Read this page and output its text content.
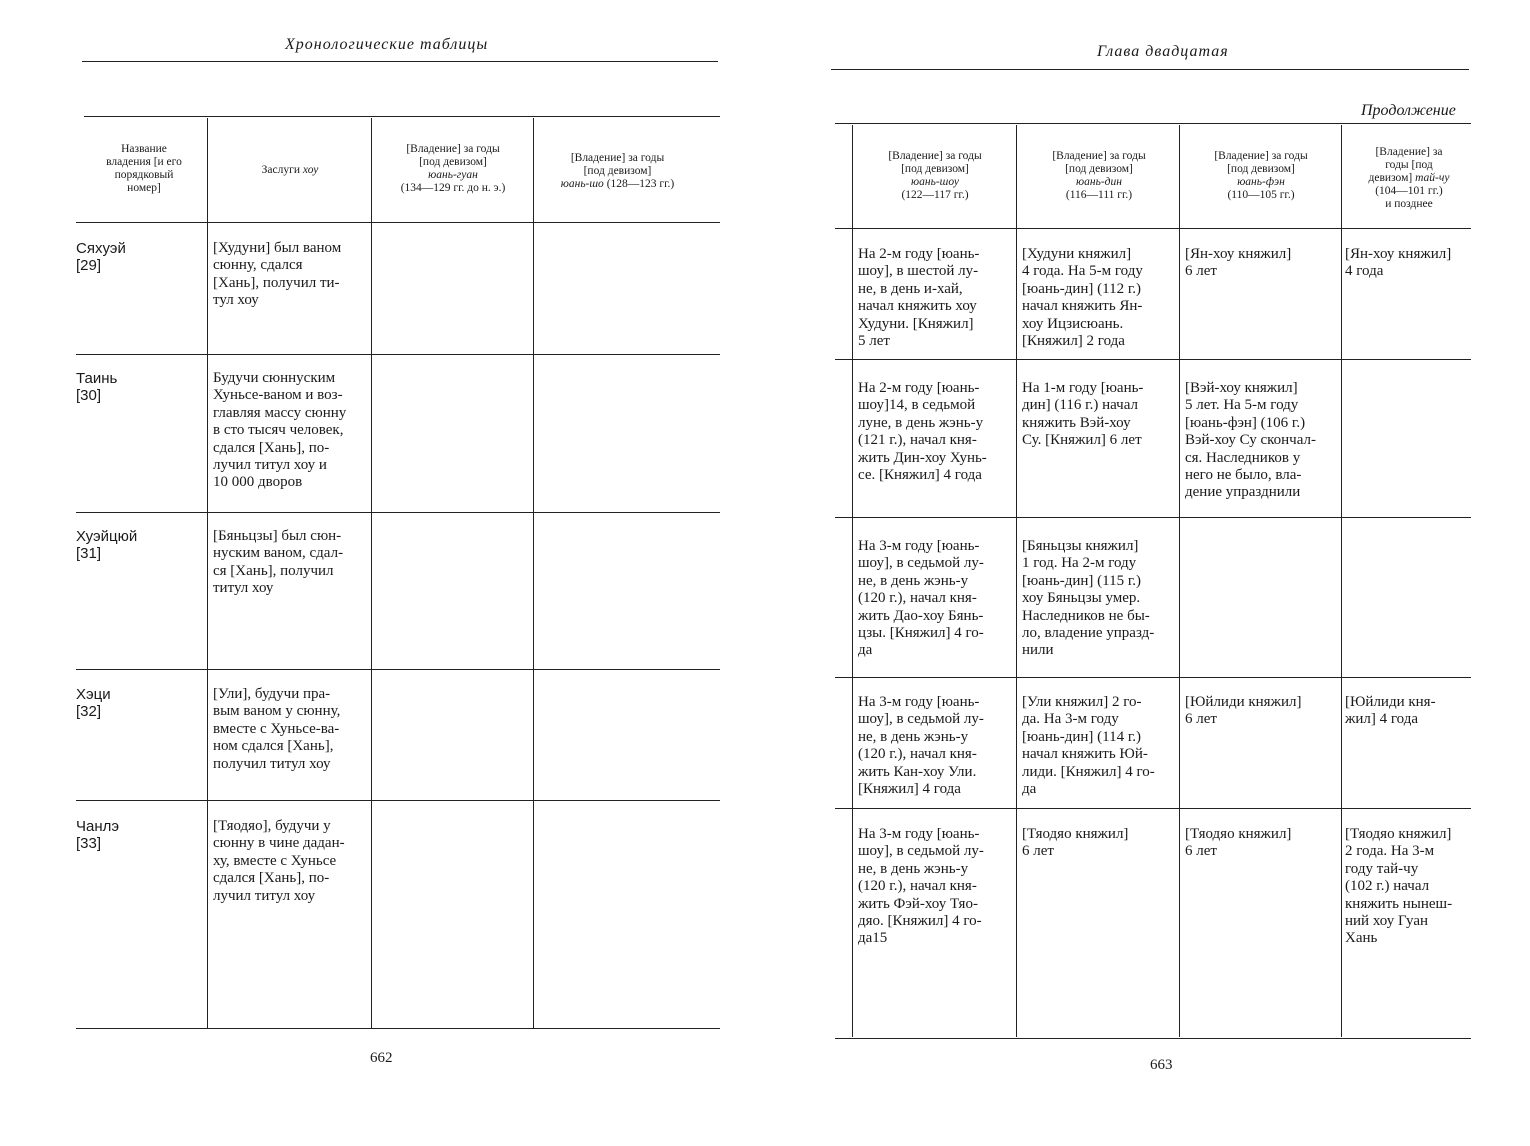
Хронологические таблицы
Название
владения [и его
порядковый
номер]
Заслуги хоу
[Владение] за годы
[под девизом]
юань-гуан
(134—129 гг. до н. э.)
[Владение] за годы
[под девизом]
юань-шо (128—123 гг.)
Сяхуэй
[29]
Таинь
[30]
Хуэйцюй
[31]
Хэци
[32]
Чанлэ
[33]
[Худуни] был ваном
сюнну, сдался
[Хань], получил ти-
тул хоу
Будучи сюннуским
Хуньсе-ваном и воз-
главляя массу сюнну
в сто тысяч человек,
сдался [Хань], по-
лучил титул хоу и
10 000 дворов
[Бяньцзы] был сюн-
нуским ваном, сдал-
ся [Хань], получил
титул хоу
[Ули], будучи пра-
вым ваном у сюнну,
вместе с Хуньсе-ва-
ном сдался [Хань],
получил титул хоу
[Тяодяо], будучи у
сюнну в чине дадан-
ху, вместе с Хуньсе
сдался [Хань], по-
лучил титул хоу
662
Глава двадцатая
Продолжение
[Владение] за годы
[под девизом]
юань-шоу
(122—117 гг.)
[Владение] за годы
[под девизом]
юань-дин
(116—111 гг.)
[Владение] за годы
[под девизом]
юань-фэн
(110—105 гг.)
[Владение] за
годы [под
девизом] тай-чу
(104—101 гг.)
и позднее
На 2-м году [юань-
шоу], в шестой лу-
не, в день и-хай,
начал княжить хоу
Худуни. [Княжил]
5 лет
[Худуни княжил]
4 года. На 5-м году
[юань-дин] (112 г.)
начал княжить Ян-
хоу Ицзисюань.
[Княжил] 2 года
[Ян-хоу княжил]
6 лет
[Ян-хоу княжил]
4 года
На 2-м году [юань-
шоу]14, в седьмой
луне, в день жэнь-у
(121 г.), начал кня-
жить Дин-хоу Хунь-
се. [Княжил] 4 года
На 1-м году [юань-
дин] (116 г.) начал
княжить Вэй-хоу
Су. [Княжил] 6 лет
[Вэй-хоу княжил]
5 лет. На 5-м году
[юань-фэн] (106 г.)
Вэй-хоу Су скончал-
ся. Наследников у
него не было, вла-
дение упразднили
На 3-м году [юань-
шоу], в седьмой лу-
не, в день жэнь-у
(120 г.), начал кня-
жить Дао-хоу Бянь-
цзы. [Княжил] 4 го-
да
[Бяньцзы княжил]
1 год. На 2-м году
[юань-дин] (115 г.)
хоу Бяньцзы умер.
Наследников не бы-
ло, владение упразд-
нили
На 3-м году [юань-
шоу], в седьмой лу-
не, в день жэнь-у
(120 г.), начал кня-
жить Кан-хоу Ули.
[Княжил] 4 года
[Ули княжил] 2 го-
да. На 3-м году
[юань-дин] (114 г.)
начал княжить Юй-
лиди. [Княжил] 4 го-
да
[Юйлиди княжил]
6 лет
[Юйлиди кня-
жил] 4 года
На 3-м году [юань-
шоу], в седьмой лу-
не, в день жэнь-у
(120 г.), начал кня-
жить Фэй-хоу Тяо-
дяо. [Княжил] 4 го-
да15
[Тяодяо княжил]
6 лет
[Тяодяо княжил]
6 лет
[Тяодяо княжил]
2 года. На 3-м
году тай-чу
(102 г.) начал
княжить нынеш-
ний хоу Гуан
Хань
663
